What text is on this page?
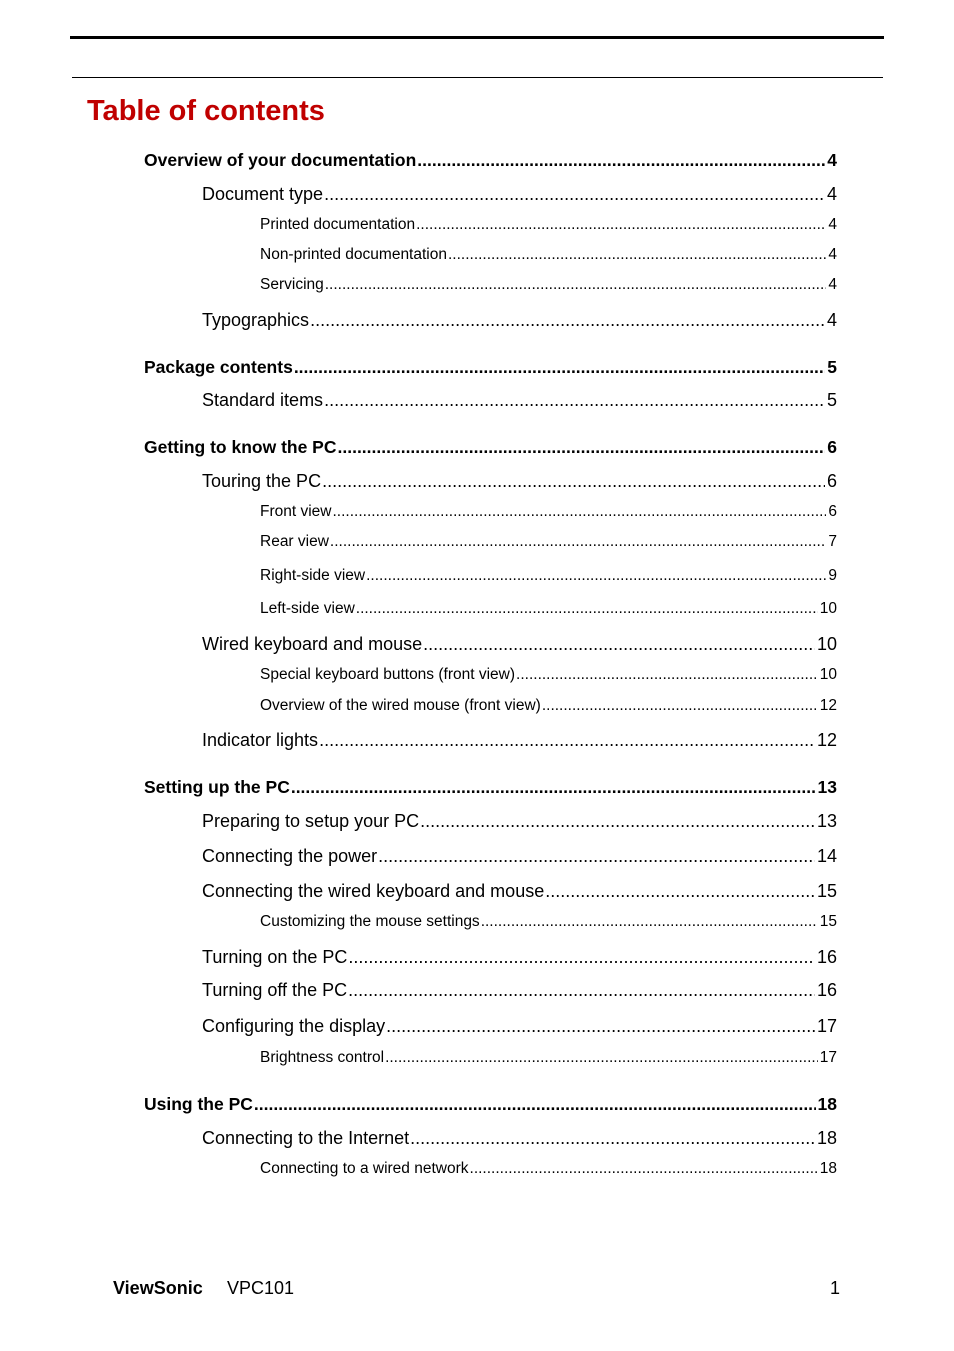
Table of contents
Overview of your documentation .....	4
Document type .....	4
Printed documentation .....	4
Non-printed documentation .....	4
Servicing .....	4
Typographics .....	4
Package contents .....	5
Standard items .....	5
Getting to know the PC .....	6
Touring the PC .....	6
Front view .....	6
Rear view .....	7
Right-side view .....	9
Left-side view .....	10
Wired keyboard and mouse .....	10
Special keyboard buttons (front view) .....	10
Overview of the wired mouse (front view) .....	12
Indicator lights .....	12
Setting up the PC .....	13
Preparing to setup your PC .....	13
Connecting the power .....	14
Connecting the wired keyboard and mouse .....	15
Customizing the mouse settings .....	15
Turning on the PC .....	16
Turning off the PC .....	16
Configuring the display .....	17
Brightness control .....	17
Using the PC .....	18
Connecting to the Internet .....	18
Connecting to a wired network .....	18
ViewSonic VPC101	1
